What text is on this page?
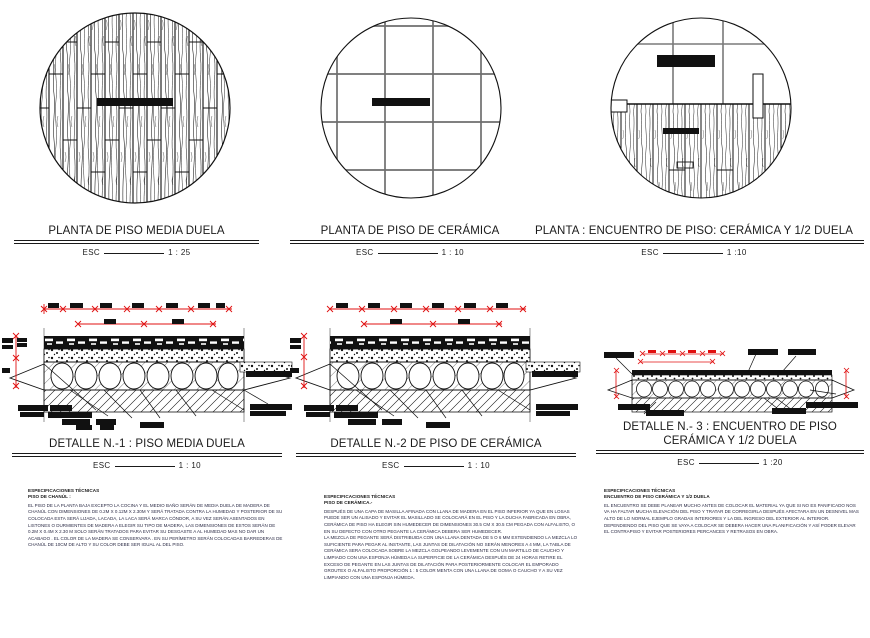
DUELA DE CHANUL
PLANTA DE PISO MEDIA DUELA
ESC	1 : 25
CERAMICA 30X30
PLANTA DE PISO DE CERÁMICA
ESC	1 : 10
CERAMICA 30.5X30.5
MEDIA DUELA
PLANTA : ENCUENTRO DE PISO: CERÁMICA Y 1/2 DUELA
ESC	1 :10
DETALLE N.-1 : PISO MEDIA DUELA
ESC	1 : 10
DETALLE N.-2 DE PISO DE CERÁMICA
ESC	1 : 10
DETALLE N.- 3 : ENCUENTRO DE PISO
CERÁMICA Y 1/2 DUELA
ESC	1 :20
ESPECIFICACIONES TÉCNICAS
PISO DE CHANÚL :

EL PISO DE LA PLANTA BAJA EXCEPTO LA COCINA Y EL MEDIO BAÑO SERÁN DE MEDIA DUELA DE MADERA DE CHANÚL CON DIMENSIONES DE 0.2M X 0.12M X 2.30M Y SERÁ TRATADA CONTRA LA HUMEDAD Y POSTERIOR DE SU COLOCADA ESTA SERÁ LIJADA, LACADA, LA LACA SERÁ MARCA CÓNDOR, A SU VEZ SERÁN ASENTADOS EN LISTONES O DURMIENTES DE MADERA A ELEGIR SU TIPO DE MADERA, LAS DIMENSIONES DE ESTOS SERÁN DE 0.2M X 0.4M X 2.30 M SOLO SERÁN TRATADOS PARA EVITAR SU DESGASTE A AL HUMEDAD MAS NO DAR UN ACABADO . EL COLOR DE LA MADERA SE CONSERVARA . EN SU PERÍMETRO SERÁN COLOCADAS BARREDERAS DE CHANÚL DE 10CM DE ALTO Y SU COLOR DEBE SER IGUAL AL DEL PISO.

ESPECIFICACIONES TÉCNICAS
PISO DE CERÁMICA.-

DESPUÉS DE UNA CAPA DE MASILLA AFINADA CON LLANA DE MADERA EN EL PISO INFERIOR YA QUE EN LOSAS PUEDE SER UN ALISADO Y EVITAR EL MASILLADO SE COLOCARÁ EN EL PISO Y LA DUCHA FABRICADA EN OBRA, CERÁMICA DE PISO HA ELEGIR SIN HUMEDECER DE DIMENSIONES 30.5 CM X 30.5 CM PEGADA CON ALFALISTO, O EN SU DEFECTO CON OTRO PEGANTE LA CERÁMICA DEBERA SER HUMEDECER.

LA MEZCLA DE PEGANTE SERÁ DISTRIBUIDA CON UNA LLANA DENTADA DE 5 O 6 MM EXTENDIENDO LA MEZCLA LO SUFICIENTE PARA PEGAR AL INSTANTE, LAS JUNTAS DE DILATACIÓN NO SERÁN MENORES A 4 MM, LA TABLA DE CERÁMICA SERA COLOCADA SOBRE LA MEZCLA GOLPEANDO LEVEMENTE CON UN MARTILLO DE CAUCHO Y LIMPIADO CON UNA ESPONJA HÚMEDA LA SUPERFICIE DE LA CERÁMICA DESPUÉS DE 24 HORAS RETIRE EL EXCESO DE PEGANTE EN LAS JUNTAS DE DILATACIÓN PARA POSTERIORMENTE COLOCAR EL EMPORADO GROUTEX O ALFALISTO PROPORCIÓN 1 : 5 COLOR MENTA CON UNA LLANA DE GOMA O CAUCHO Y A SU VEZ LIMPIANDO CON UNA ESPONJA HÚMEDA.

ESPECIFICACIONES TÉCNICAS
ENCUENTRO DE PISO CERÁMICA Y 1/2 DUELA

EL ENCUENTRO SE DEBE PLANEAR MUCHO ANTES DE COLOCAR EL MATERIAL YA QUE SI NO ES PANIFICADO NOS VA HA FALTAR MUCHA ELEVACIÓN DEL PISO Y TRATAR DE CORREGIRLA DESPUÉS AFECTARA EN UN DESNIVEL MAS ALTO DE LO NORMAL EJEMPLO GRADAS INTERIORES Y LA DEL INGRESO DEL EXTERIOR AL INTERIOR.

DEPENDIENDO DEL PISO QUE SE VAYA A COLOCAR SE DEBERA HACER UNA PLANIFICACIÓN Y ASÍ PODER ELEVAR EL CONTRAPISO Y EVITAR POSTERIORES PERCANCES Y RETRASOS EN OBRA.
